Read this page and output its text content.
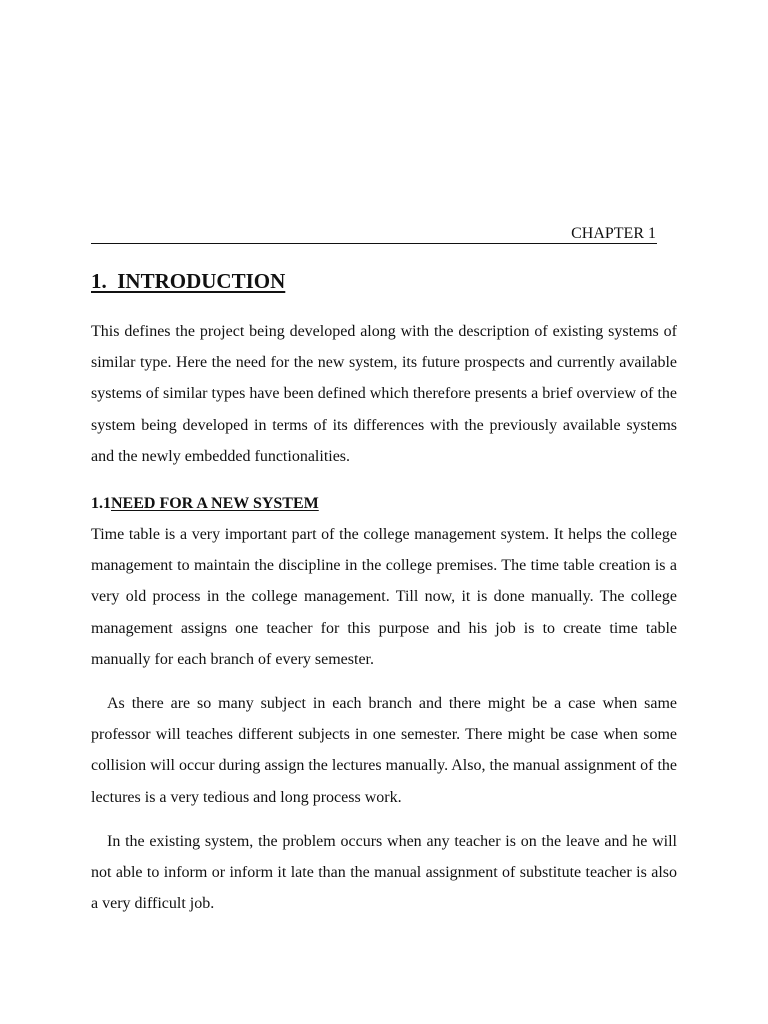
CHAPTER 1
1.  INTRODUCTION

This defines the project being developed along with the description of existing systems of similar type. Here the need for the new system, its future prospects and currently available systems of similar types have been defined which therefore presents a brief overview of the system being developed in terms of its differences with the previously available systems and the newly embedded functionalities.

1.1NEED FOR A NEW SYSTEM

Time table is a very important part of the college management system. It helps the college management to maintain the discipline in the college premises. The time table creation is a very old process in the college management. Till now, it is done manually. The college management assigns one teacher for this purpose and his job is to create time table manually for each branch of every semester.

As there are so many subject in each branch and there might be a case when same professor will teaches different subjects in one semester. There might be case when some collision will occur during assign the lectures manually. Also, the manual assignment of the lectures is a very tedious and long process work.

In the existing system, the problem occurs when any teacher is on the leave and he will not able to inform or inform it late than the manual assignment of substitute teacher is also a very difficult job.
